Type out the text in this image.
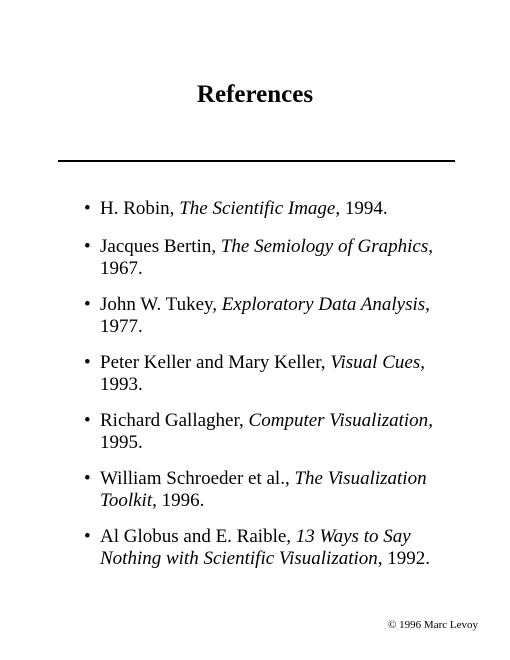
References
• H. Robin, The Scientific Image, 1994.
• Jacques Bertin, The Semiology of Graphics, 1967.
• John W. Tukey, Exploratory Data Analysis, 1977.
• Peter Keller and Mary Keller, Visual Cues, 1993.
• Richard Gallagher, Computer Visualization, 1995.
• William Schroeder et al., The Visualization Toolkit, 1996.
• Al Globus and E. Raible, 13 Ways to Say Nothing with Scientific Visualization, 1992.
© 1996 Marc Levoy
